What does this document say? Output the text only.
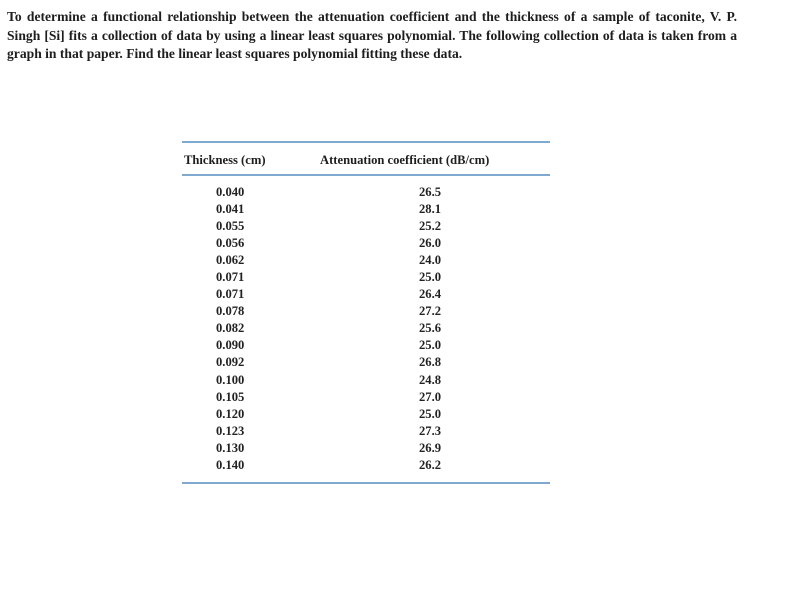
To determine a functional relationship between the attenuation coefficient and the thickness of a sample of taconite, V. P. Singh [Si] fits a collection of data by using a linear least squares polynomial. The following collection of data is taken from a graph in that paper. Find the linear least squares polynomial fitting these data.
Thickness (cm)	Attenuation coefficient (dB/cm)
0.040	26.5
0.041	28.1
0.055	25.2
0.056	26.0
0.062	24.0
0.071	25.0
0.071	26.4
0.078	27.2
0.082	25.6
0.090	25.0
0.092	26.8
0.100	24.8
0.105	27.0
0.120	25.0
0.123	27.3
0.130	26.9
0.140	26.2
